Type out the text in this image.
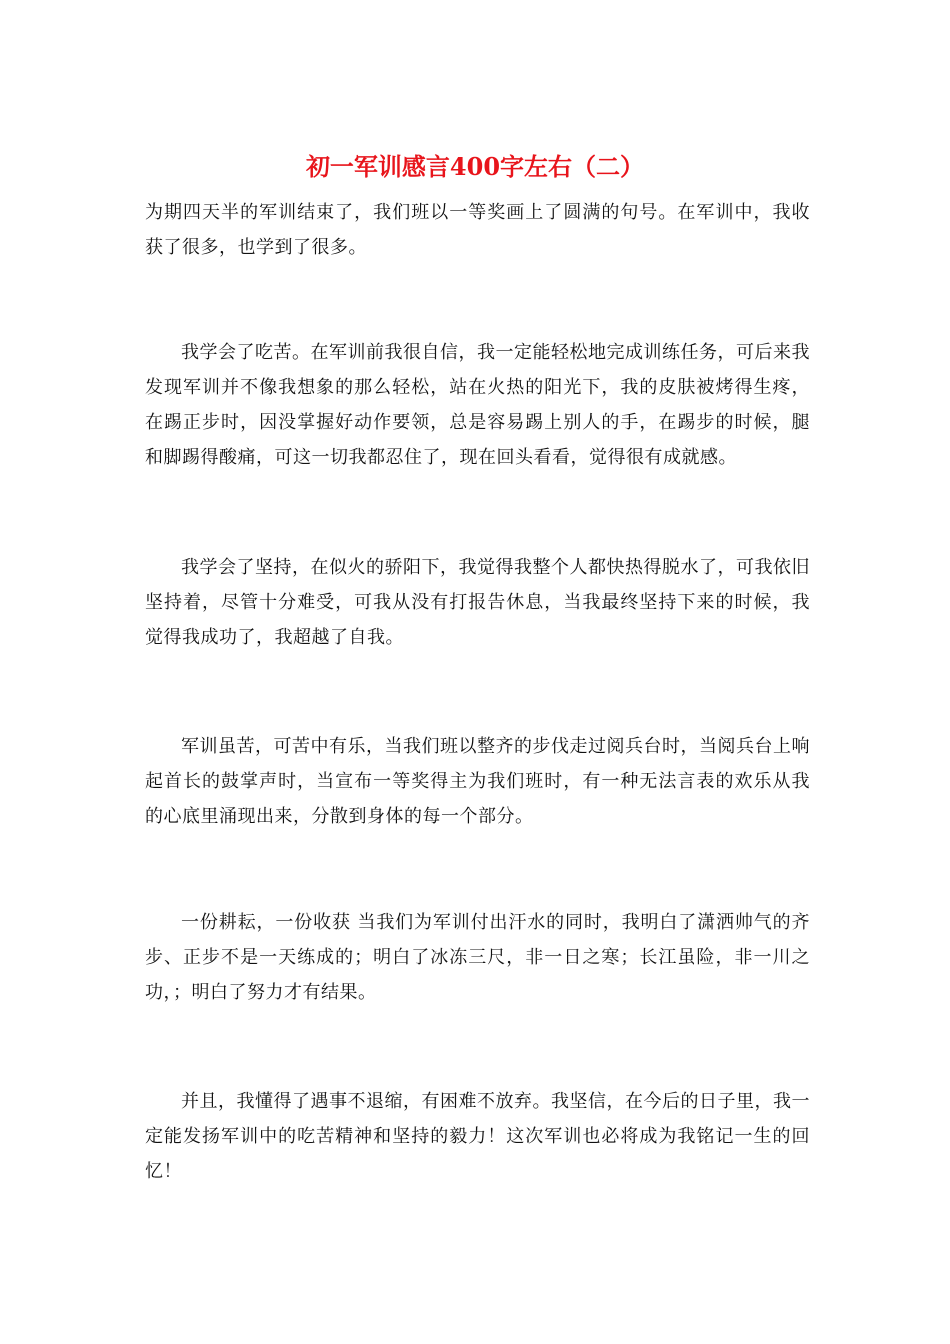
初一军训感言400字左右（二）

为期四天半的军训结束了，我们班以一等奖画上了圆满的句号。在军训中，我收获了很多，也学到了很多。

我学会了吃苦。在军训前我很自信，我一定能轻松地完成训练任务，可后来我发现军训并不像我想象的那么轻松，站在火热的阳光下，我的皮肤被烤得生疼，在踢正步时，因没掌握好动作要领，总是容易踢上别人的手，在踢步的时候，腿和脚踢得酸痛，可这一切我都忍住了，现在回头看看，觉得很有成就感。

我学会了坚持，在似火的骄阳下，我觉得我整个人都快热得脱水了，可我依旧坚持着，尽管十分难受，可我从没有打报告休息，当我最终坚持下来的时候，我觉得我成功了，我超越了自我。

军训虽苦，可苦中有乐，当我们班以整齐的步伐走过阅兵台时，当阅兵台上响起首长的鼓掌声时，当宣布一等奖得主为我们班时，有一种无法言表的欢乐从我的心底里涌现出来，分散到身体的每一个部分。

一份耕耘，一份收获 当我们为军训付出汗水的同时，我明白了潇洒帅气的齐步、正步不是一天练成的；明白了冰冻三尺，非一日之寒；长江虽险，非一川之功，；明白了努力才有结果。

并且，我懂得了遇事不退缩，有困难不放弃。我坚信，在今后的日子里，我一定能发扬军训中的吃苦精神和坚持的毅力！这次军训也必将成为我铭记一生的回忆！
